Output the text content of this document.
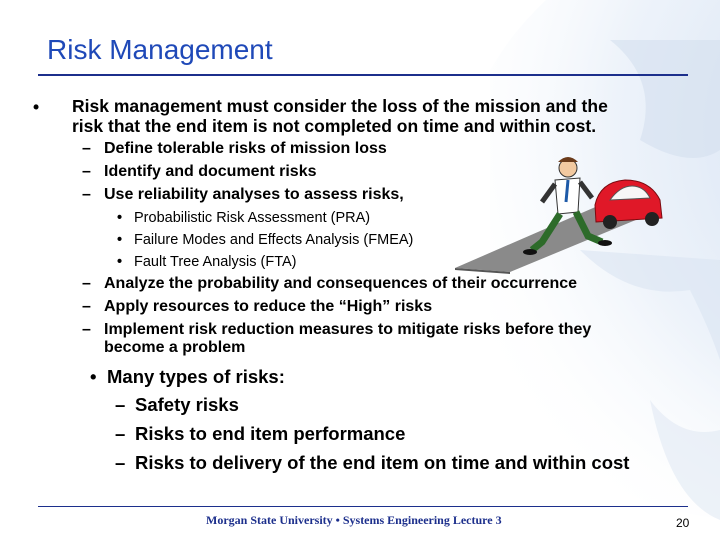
Risk Management
• Risk management must consider the loss of the mission and the
risk that the end item is not completed on time and within cost.
– Define tolerable risks of mission loss
– Identify and document risks
– Use reliability analyses to assess risks,
• Probabilistic Risk Assessment (PRA)
• Failure Modes and Effects Analysis (FMEA)
• Fault Tree Analysis (FTA)
– Analyze the probability and consequences of their occurrence
– Apply resources to reduce the “High” risks
– Implement risk reduction measures to mitigate risks before they
become a problem
• Many types of risks:
– Safety risks
– Risks to end item performance
– Risks to delivery of the end item on time and within cost
Morgan State University • Systems Engineering Lecture 3	20
